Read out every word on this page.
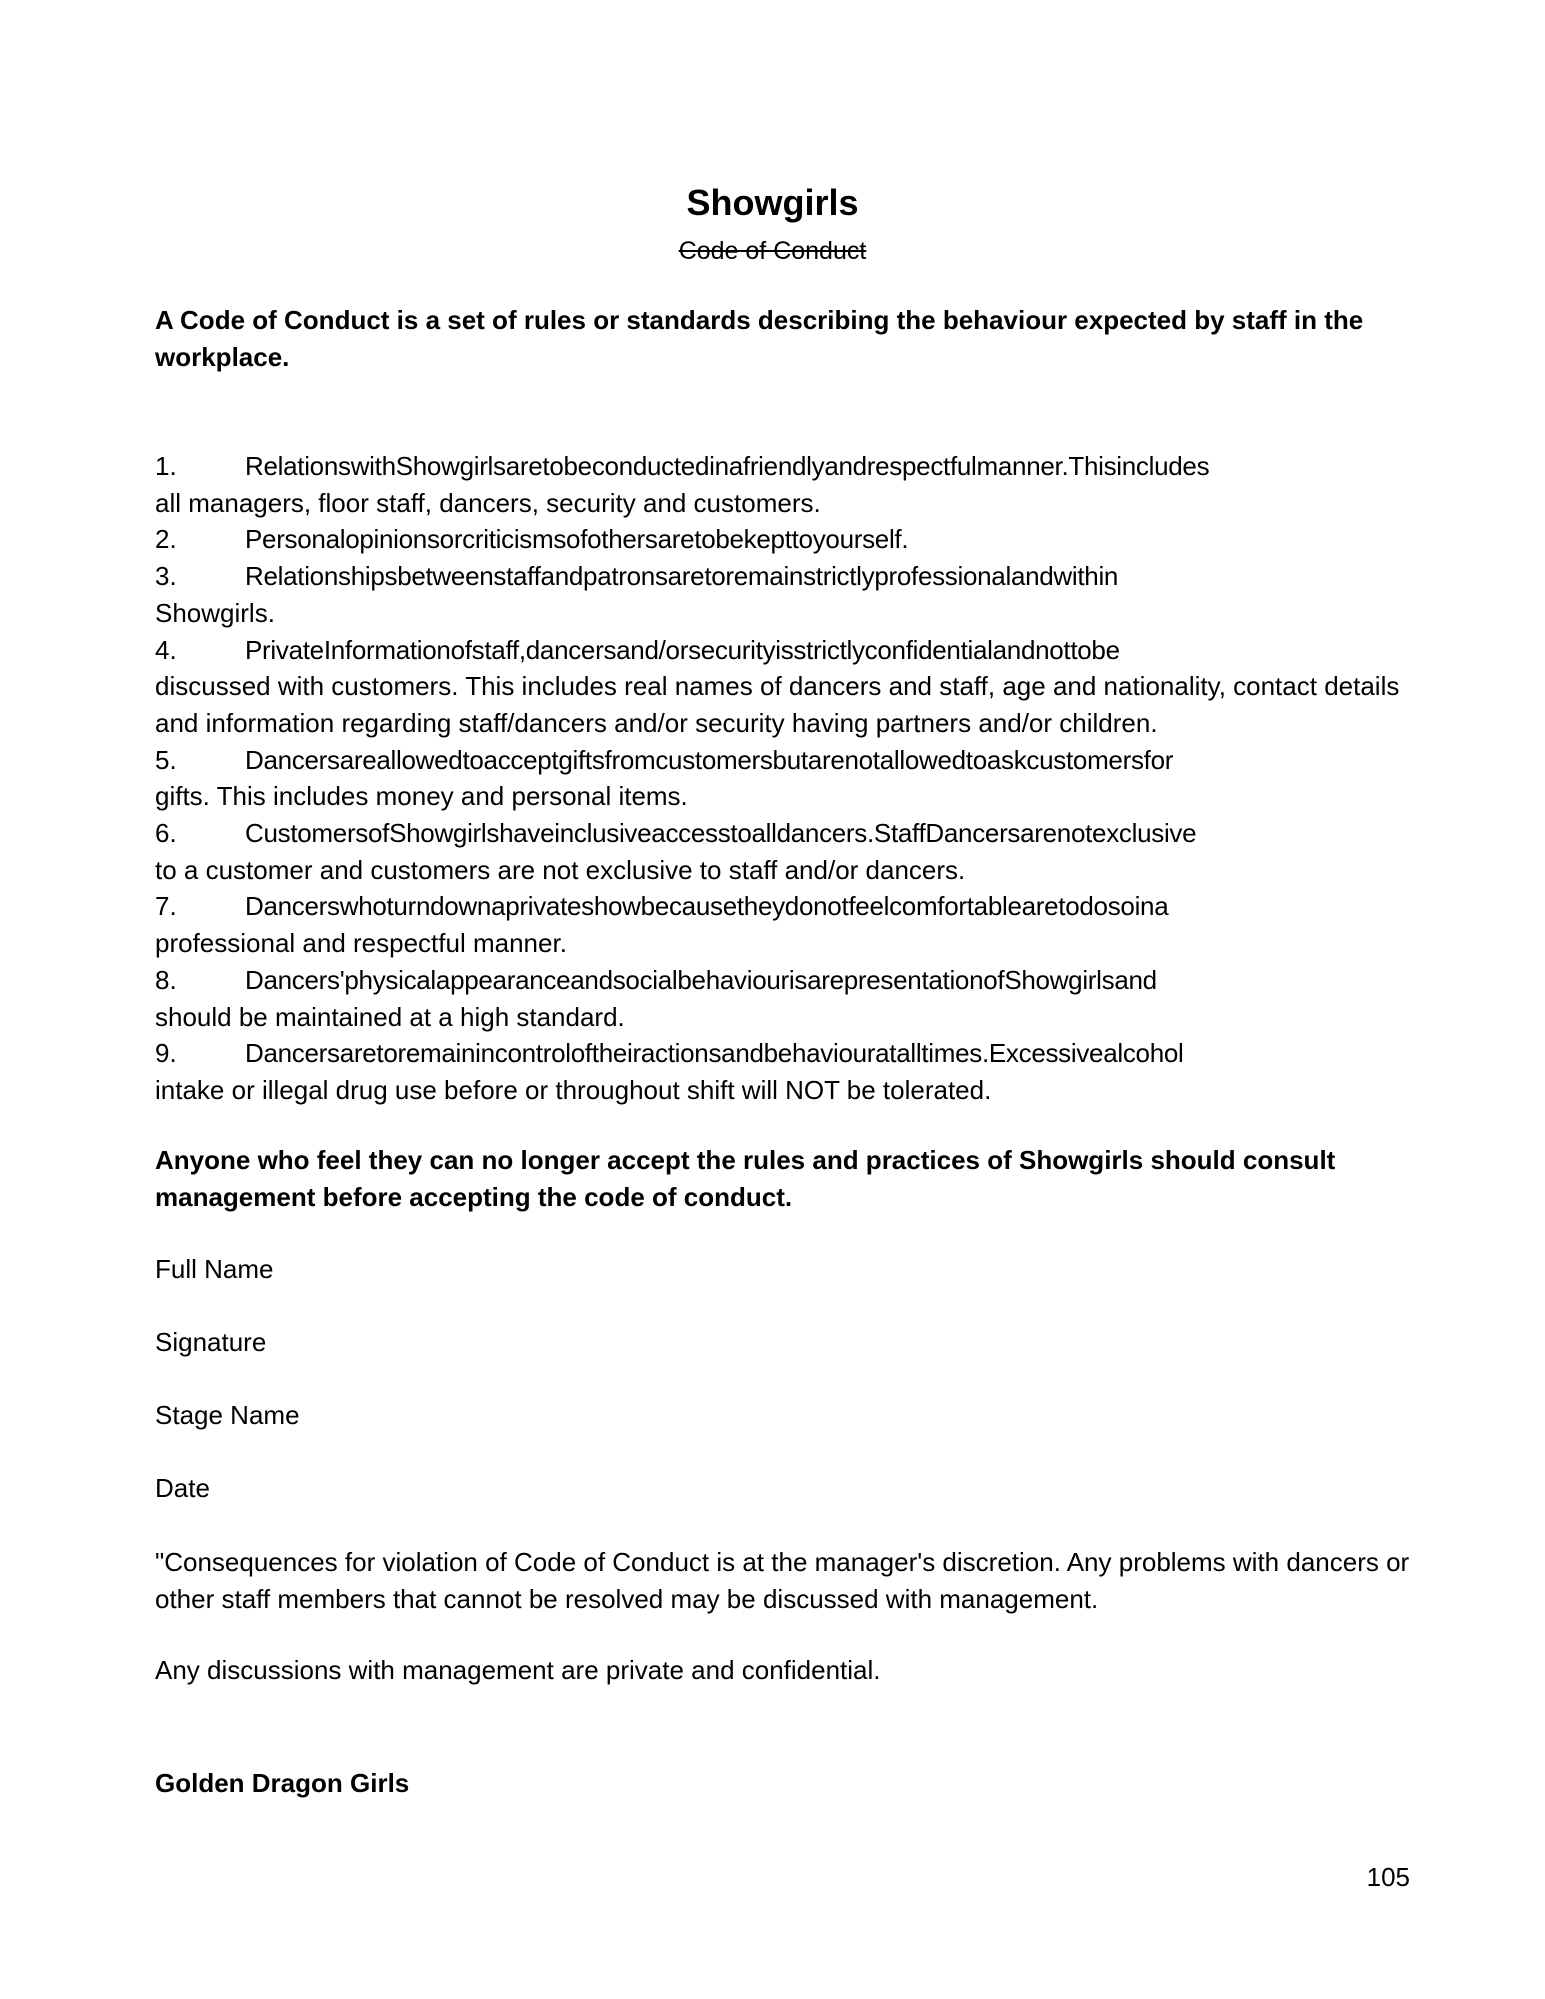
Showgirls
Code of Conduct
A Code of Conduct is a set of rules or standards describing the behaviour expected by staff in the workplace.
1.	RelationswithShowgirlsaretobeconductedinafriendlyandrespectfulmanner.Thisincludes
all managers, floor staff, dancers, security and customers.
2.	Personalopinionsorcriticismsofothersaretobekepttoyourself.
3.	Relationshipsbetweenstaffandpatronsaretoremainstrictlyprofessionalandwithin
Showgirls.
4.	PrivateInformationofstaff,dancersand/orsecurityisstrictlyconfidentialandnottobe
discussed with customers. This includes real names of dancers and staff, age and nationality, contact details and information regarding staff/dancers and/or security having partners and/or children.
5.	Dancersareallowedtoacceptgiftsfromcustomersbutarenotallowedtoaskcustomersfor
gifts. This includes money and personal items.
6.	CustomersofShowgirlshaveinclusiveaccesstoalldancers.StaffDancersarenotexclusive
to a customer and customers are not exclusive to staff and/or dancers.
7.	Dancerswhoturndownaprivateshowbecausetheydonotfeelcomfortablearetodosoina
professional and respectful manner.
8.	Dancers'physicalappearanceandsocialbehaviourisarepresentationofShowgirlsand
should be maintained at a high standard.
9.	Dancersaretoremainincontroloftheiractionsandbehaviouratalltimes.Excessivealcohol
intake or illegal drug use before or throughout shift will NOT be tolerated.
Anyone who feel they can no longer accept the rules and practices of Showgirls should consult management before accepting the code of conduct.
Full Name
Signature
Stage Name
Date
"Consequences for violation of Code of Conduct is at the manager's discretion. Any problems with dancers or other staff members that cannot be resolved may be discussed with management.
Any discussions with management are private and confidential.
Golden Dragon Girls
105
